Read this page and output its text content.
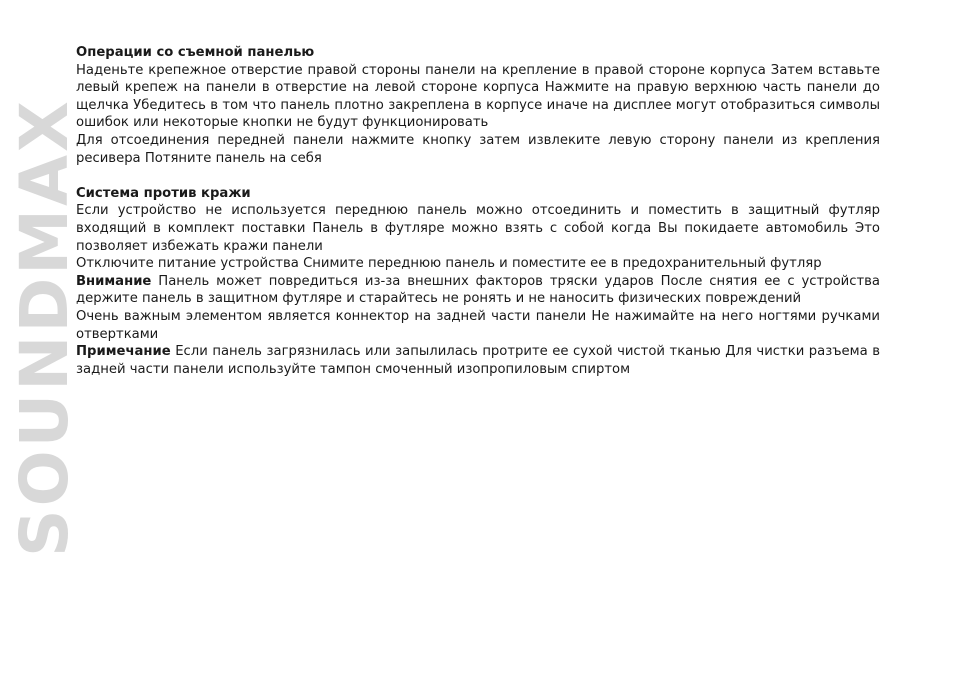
SOUNDMAX

Операции со съемной панелью

Наденьте крепежное отверстие правой стороны панели на крепление в правой стороне корпуса Затем вставьте левый крепеж на панели в отверстие на левой стороне корпуса Нажмите на правую верхнюю часть панели до щелчка Убедитесь в том что панель плотно закреплена в корпусе иначе на дисплее могут отобразиться символы ошибок или некоторые кнопки не будут функционировать

Для отсоединения передней панели нажмите кнопку затем извлеките левую сторону панели из крепления ресивера Потяните панель на себя

Система против кражи

Если устройство не используется переднюю панель можно отсоединить и поместить в защитный футляр входящий в комплект поставки Панель в футляре можно взять с собой когда Вы покидаете автомобиль Это позволяет избежать кражи панели

Отключите питание устройства Снимите переднюю панель и поместите ее в предохранительный футляр

Внимание Панель может повредиться из-за внешних факторов тряски ударов После снятия ее с устройства держите панель в защитном футляре и старайтесь не ронять и не наносить физических повреждений

Очень важным элементом является коннектор на задней части панели Не нажимайте на него ногтями ручками отвертками

Примечание Если панель загрязнилась или запылилась протрите ее сухой чистой тканью Для чистки разъема в задней части панели используйте тампон смоченный изопропиловым спиртом
